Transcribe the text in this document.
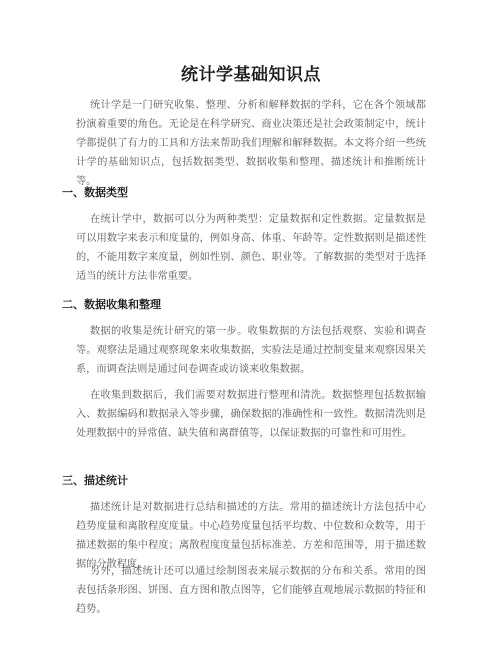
统计学基础知识点

统计学是一门研究收集、整理、分析和解释数据的学科，它在各个领域都扮演着重要的角色。无论是在科学研究、商业决策还是社会政策制定中，统计学都提供了有力的工具和方法来帮助我们理解和解释数据。本文将介绍一些统计学的基础知识点，包括数据类型、数据收集和整理、描述统计和推断统计等。

一、数据类型

在统计学中，数据可以分为两种类型：定量数据和定性数据。定量数据是可以用数字来表示和度量的，例如身高、体重、年龄等。定性数据则是描述性的，不能用数字来度量，例如性别、颜色、职业等。了解数据的类型对于选择适当的统计方法非常重要。

二、数据收集和整理

数据的收集是统计研究的第一步。收集数据的方法包括观察、实验和调查等。观察法是通过观察现象来收集数据，实验法是通过控制变量来观察因果关系，而调查法则是通过问卷调查或访谈来收集数据。

在收集到数据后，我们需要对数据进行整理和清洗。数据整理包括数据输入、数据编码和数据录入等步骤，确保数据的准确性和一致性。数据清洗则是处理数据中的异常值、缺失值和离群值等，以保证数据的可靠性和可用性。

三、描述统计

描述统计是对数据进行总结和描述的方法。常用的描述统计方法包括中心趋势度量和离散程度度量。中心趋势度量包括平均数、中位数和众数等，用于描述数据的集中程度；离散程度度量包括标准差、方差和范围等，用于描述数据的分散程度。

另外，描述统计还可以通过绘制图表来展示数据的分布和关系。常用的图表包括条形图、饼图、直方图和散点图等，它们能够直观地展示数据的特征和趋势。
